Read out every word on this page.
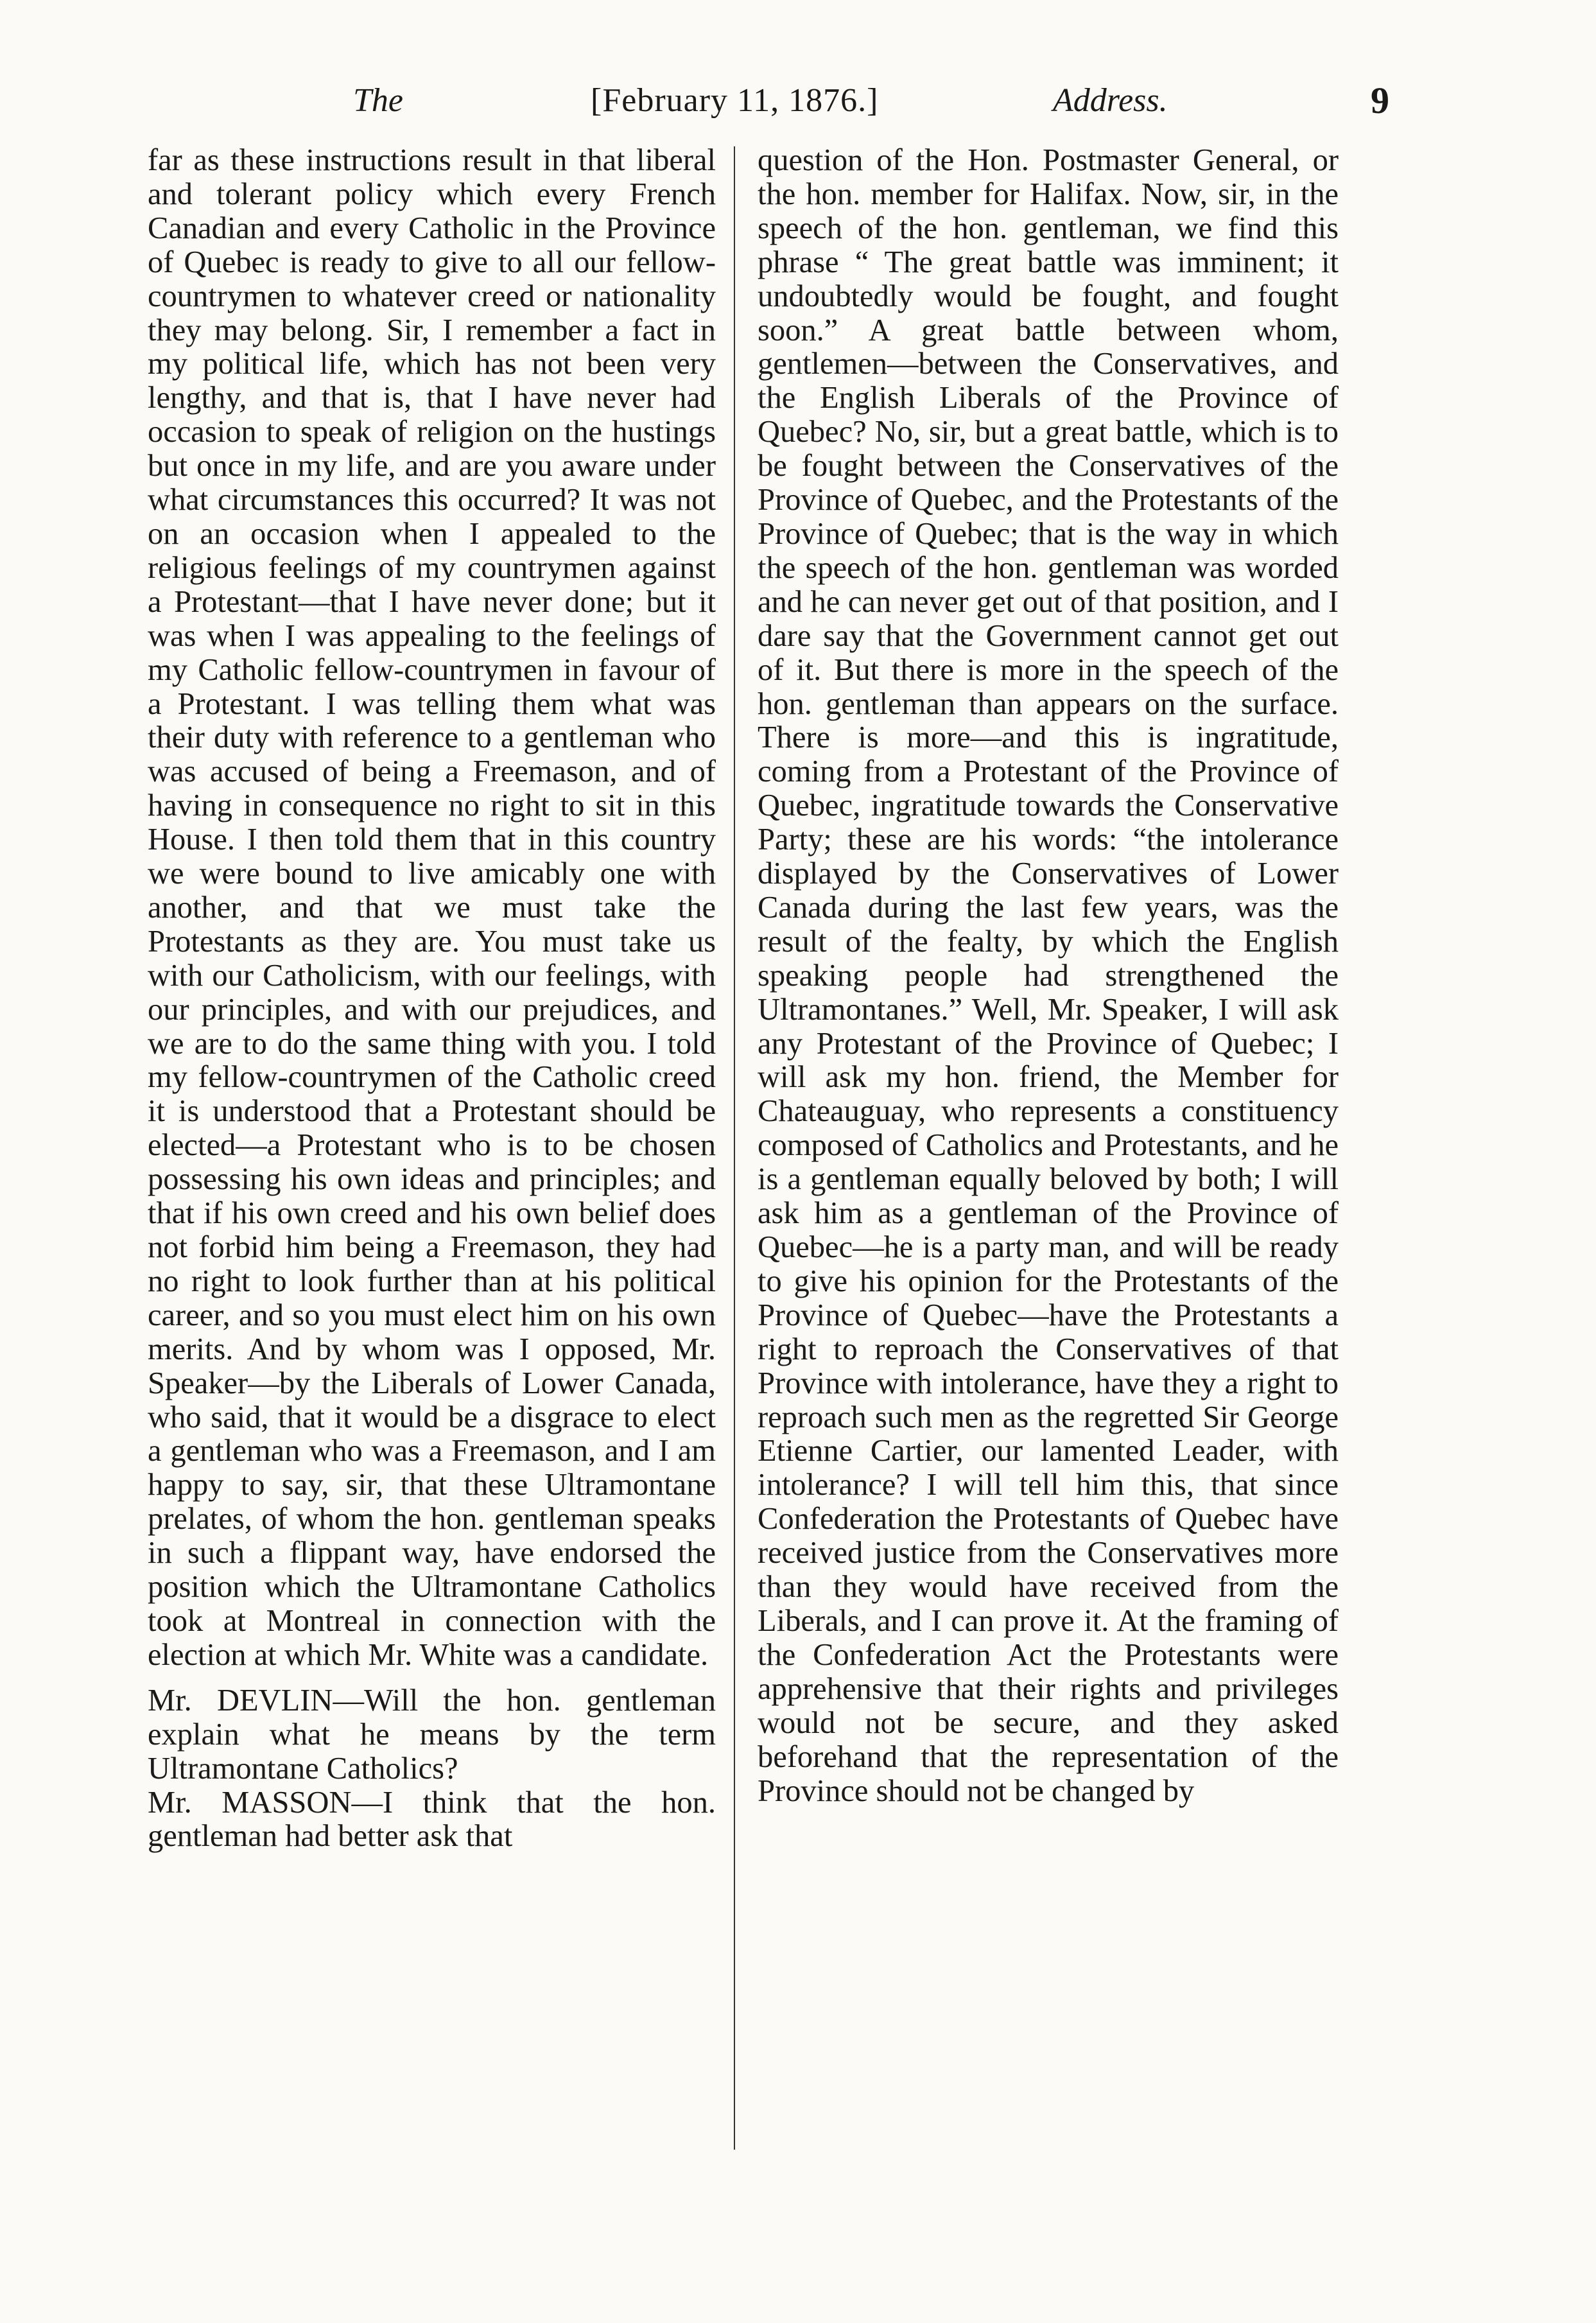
The	[February 11, 1876.]	Address.	9

far as these instructions result in that liberal and tolerant policy which every French Canadian and every Catholic in the Province of Quebec is ready to give to all our fellow-countrymen to whatever creed or nationality they may belong. Sir, I remember a fact in my political life, which has not been very lengthy, and that is, that I have never had occasion to speak of religion on the hustings but once in my life, and are you aware under what circumstances this occurred? It was not on an occasion when I appealed to the religious feelings of my countrymen against a Protestant—that I have never done; but it was when I was appealing to the feelings of my Catholic fellow-countrymen in favour of a Protestant. I was telling them what was their duty with reference to a gentleman who was accused of being a Freemason, and of having in consequence no right to sit in this House. I then told them that in this country we were bound to live amicably one with another, and that we must take the Protestants as they are. You must take us with our Catholicism, with our feelings, with our principles, and with our prejudices, and we are to do the same thing with you. I told my fellow-countrymen of the Catholic creed it is understood that a Protestant should be elected—a Protestant who is to be chosen possessing his own ideas and principles; and that if his own creed and his own belief does not forbid him being a Freemason, they had no right to look further than at his political career, and so you must elect him on his own merits. And by whom was I opposed, Mr. Speaker—by the Liberals of Lower Canada, who said, that it would be a disgrace to elect a gentleman who was a Freemason, and I am happy to say, sir, that these Ultramontane prelates, of whom the hon. gentleman speaks in such a flippant way, have endorsed the position which the Ultramontane Catholics took at Montreal in connection with the election at which Mr. White was a candidate.

Mr. DEVLIN—Will the hon. gentleman explain what he means by the term Ultramontane Catholics?

Mr. MASSON—I think that the hon. gentleman had better ask that

question of the Hon. Postmaster General, or the hon. member for Halifax. Now, sir, in the speech of the hon. gentleman, we find this phrase “ The great battle was imminent; it undoubtedly would be fought, and fought soon.” A great battle between whom, gentlemen—between the Conservatives, and the English Liberals of the Province of Quebec? No, sir, but a great battle, which is to be fought between the Conservatives of the Province of Quebec, and the Protestants of the Province of Quebec; that is the way in which the speech of the hon. gentleman was worded and he can never get out of that position, and I dare say that the Government cannot get out of it. But there is more in the speech of the hon. gentleman than appears on the surface. There is more—and this is ingratitude, coming from a Protestant of the Province of Quebec, ingratitude towards the Conservative Party; these are his words: “the intolerance displayed by the Conservatives of Lower Canada during the last few years, was the result of the fealty, by which the English speaking people had strengthened the Ultramontanes.” Well, Mr. Speaker, I will ask any Protestant of the Province of Quebec; I will ask my hon. friend, the Member for Chateauguay, who represents a constituency composed of Catholics and Protestants, and he is a gentleman equally beloved by both; I will ask him as a gentleman of the Province of Quebec—he is a party man, and will be ready to give his opinion for the Protestants of the Province of Quebec—have the Protestants a right to reproach the Conservatives of that Province with intolerance, have they a right to reproach such men as the regretted Sir George Etienne Cartier, our lamented Leader, with intolerance? I will tell him this, that since Confederation the Protestants of Quebec have received justice from the Conservatives more than they would have received from the Liberals, and I can prove it. At the framing of the Confederation Act the Protestants were apprehensive that their rights and privileges would not be secure, and they asked beforehand that the representation of the Province should not be changed by
